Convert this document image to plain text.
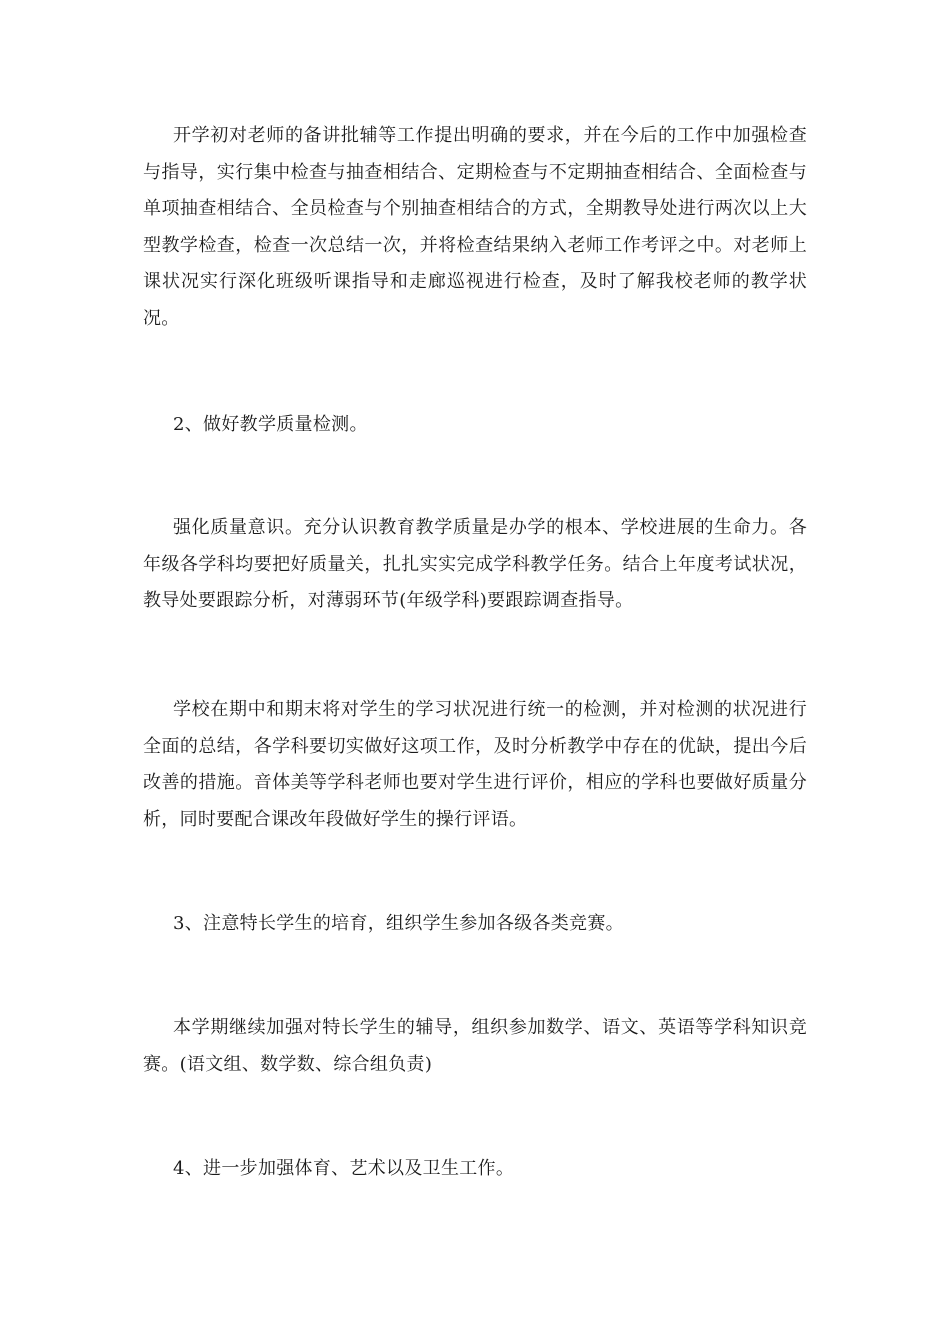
开学初对老师的备讲批辅等工作提出明确的要求，并在今后的工作中加强检查与指导，实行集中检查与抽查相结合、定期检查与不定期抽查相结合、全面检查与单项抽查相结合、全员检查与个别抽查相结合的方式，全期教导处进行两次以上大型教学检查，检查一次总结一次，并将检查结果纳入老师工作考评之中。对老师上课状况实行深化班级听课指导和走廊巡视进行检查，及时了解我校老师的教学状况。

2、做好教学质量检测。

强化质量意识。充分认识教育教学质量是办学的根本、学校进展的生命力。各年级各学科均要把好质量关，扎扎实实完成学科教学任务。结合上年度考试状况，教导处要跟踪分析，对薄弱环节(年级学科)要跟踪调查指导。

学校在期中和期末将对学生的学习状况进行统一的检测，并对检测的状况进行全面的总结，各学科要切实做好这项工作，及时分析教学中存在的优缺，提出今后改善的措施。音体美等学科老师也要对学生进行评价，相应的学科也要做好质量分析，同时要配合课改年段做好学生的操行评语。

3、注意特长学生的培育，组织学生参加各级各类竞赛。

本学期继续加强对特长学生的辅导，组织参加数学、语文、英语等学科知识竞赛。(语文组、数学数、综合组负责)

4、进一步加强体育、艺术以及卫生工作。
